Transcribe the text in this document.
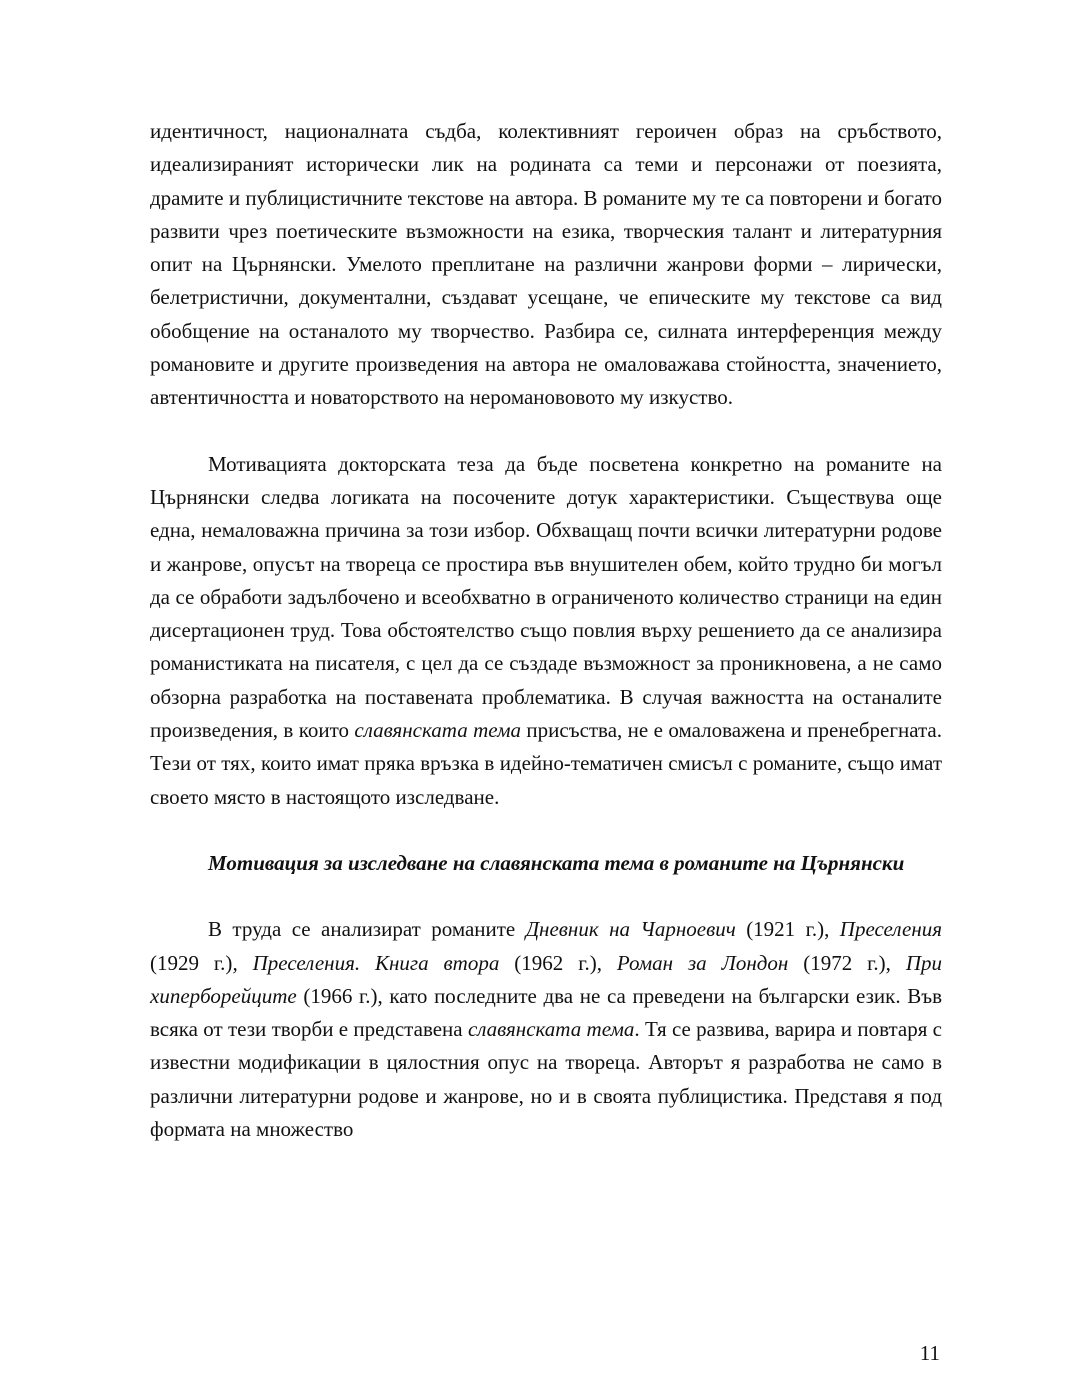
идентичност, националната съдба, колективният героичен образ на сръбството, идеализираният исторически лик на родината са теми и персонажи от поезията, драмите и публицистичните текстове на автора. В романите му те са повторени и богато развити чрез поетическите възможности на езика, творческия талант и литературния опит на Църнянски. Умелото преплитане на различни жанрови форми – лирически, белетристични, документални, създават усещане, че епическите му текстове са вид обобщение на останалото му творчество. Разбира се, силната интерференция между романовите и другите произведения на автора не омаловажава стойността, значението, автентичността и новаторството на нероманововото му изкуство.

Мотивацията докторската теза да бъде посветена конкретно на романите на Църнянски следва логиката на посочените дотук характеристики. Съществува още една, немаловажна причина за този избор. Обхващащ почти всички литературни родове и жанрове, опусът на твореца се простира във внушителен обем, който трудно би могъл да се обработи задълбочено и всеобхватно в ограниченото количество страници на един дисертационен труд. Това обстоятелство също повлия върху решението да се анализира романистиката на писателя, с цел да се създаде възможност за проникновена, а не само обзорна разработка на поставената проблематика. В случая важността на останалите произведения, в които славянската тема присъства, не е омаловажена и пренебрегната. Тези от тях, които имат пряка връзка в идейно-тематичен смисъл с романите, също имат своето място в настоящото изследване.

Мотивация за изследване на славянската тема в романите на Църнянски

В труда се анализират романите Дневник на Чарноевич (1921 г.), Преселения (1929 г.), Преселения. Книга втора (1962 г.), Роман за Лондон (1972 г.), При хиперборейците (1966 г.), като последните два не са преведени на български език. Във всяка от тези творби е представена славянската тема. Тя се развива, варира и повтаря с известни модификации в цялостния опус на твореца. Авторът я разработва не само в различни литературни родове и жанрове, но и в своята публицистика. Представя я под формата на множество

11
